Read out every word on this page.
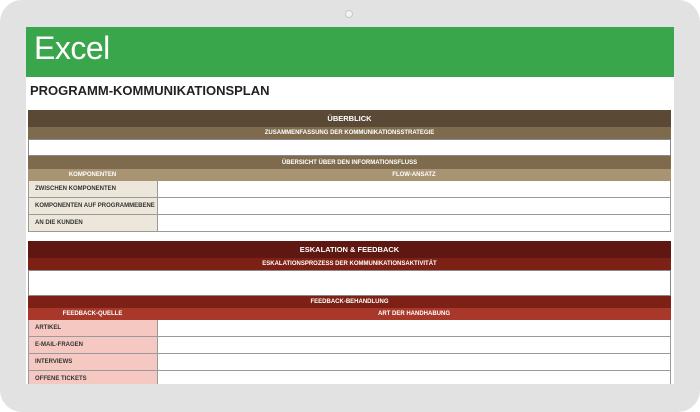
Excel
PROGRAMM-KOMMUNIKATIONSPLAN
ÜBERBLICK
ZUSAMMENFASSUNG DER KOMMUNIKATIONSSTRATEGIE
ÜBERSICHT ÜBER DEN INFORMATIONSFLUSS
KOMPONENTEN	FLOW-ANSATZ
ZWISCHEN KOMPONENTEN
KOMPONENTEN AUF PROGRAMMEBENE
AN DIE KUNDEN
ESKALATION & FEEDBACK
ESKALATIONSPROZESS DER KOMMUNIKATIONSAKTIVITÄT
FEEDBACK-BEHANDLUNG
FEEDBACK-QUELLE	ART DER HANDHABUNG
ARTIKEL
E-MAIL-FRAGEN
INTERVIEWS
OFFENE TICKETS
